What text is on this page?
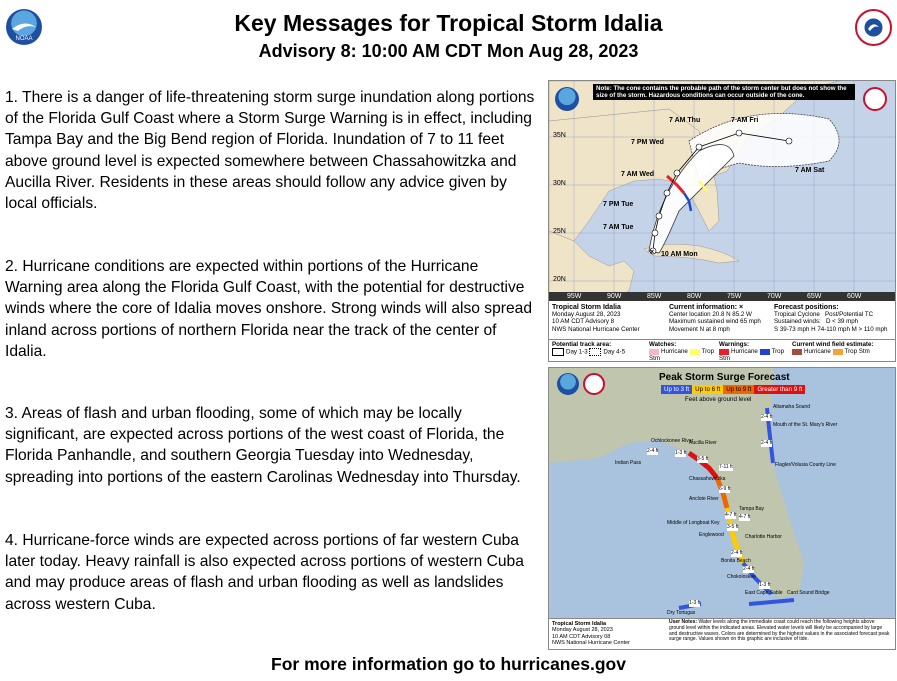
NOAA
Key Messages for Tropical Storm Idalia
Advisory 8: 10:00 AM CDT Mon Aug 28, 2023
1. There is a danger of life-threatening storm surge inundation along portions of the Florida Gulf Coast where a Storm Surge Warning is in effect, including Tampa Bay and the Big Bend region of Florida. Inundation of 7 to 11 feet above ground level is expected somewhere between Chassahowitzka and Aucilla River. Residents in these areas should follow any advice given by local officials.
2. Hurricane conditions are expected within portions of the Hurricane Warning area along the Florida Gulf Coast, with the potential for destructive winds where the core of Idalia moves onshore. Strong winds will also spread inland across portions of northern Florida near the track of the center of Idalia.
3. Areas of flash and urban flooding, some of which may be locally significant, are expected across portions of the west coast of Florida, the Florida Panhandle, and southern Georgia Tuesday into Wednesday, spreading into portions of the eastern Carolinas Wednesday into Thursday.
4. Hurricane-force winds are expected across portions of far western Cuba later today. Heavy rainfall is also expected across portions of western Cuba and may produce areas of flash and urban flooding as well as landslides across western Cuba.
×
35N
30N
25N
20N
95W	90W	85W	80W	75W	70W	65W	60W
Note: The cone contains the probable path of the storm center but does not show the size of the storm. Hazardous conditions can occur outside of the cone.
7 AM Thu	7 AM Fri
7 PM Wed
7 AM Wed
7 PM Tue
7 AM Tue
10 AM Mon
7 AM Sat
Tropical Storm Idalia
Monday August 28, 2023
10 AM CDT Advisory 8
NWS National Hurricane Center
Current information: ×
Center location 20.8 N 85.2 W
Maximum sustained wind 65 mph
Movement N at 8 mph
Forecast positions:
Tropical Cyclone Post/Potential TC
Sustained winds: D < 39 mph
S 39-73 mph H 74-110 mph M > 110 mph
Potential track area:
Day 1-3	Day 4-5
Watches:
Hurricane Trop Stm
Warnings:
Hurricane Trop Stm
Current wind field estimate:
Hurricane Trop Stm
Peak Storm Surge Forecast
Up to 3 ft Up to 6 ft Up to 9 ft Greater than 9 ft
Feet above ground level
Altamaha Sound
Mouth of the St. Mary's River
Flagler/Volusia County Line
Ochlockonee River
Aucilla River
Indian Pass
Chassahowitzka
Anclote River
Tampa Bay
Middle of Longboat Key
Englewood	Charlotte Harbor
Bonita Beach
Chokoloskee
East Cape Sable Card Sound Bridge
Dry Tortugas
2-4 ft
2-4 ft
2-4 ft	1-3 ft
3-5 ft
7-11 ft
6-9 ft
4-7 ft 4-7 ft
3-5 ft
2-4 ft
2-4 ft
1-3 ft
1-3 ft
Tropical Storm Idalia
Monday August 28, 2023
10 AM CDT Advisory 08
NWS National Hurricane Center
User Notes: Water levels along the immediate coast could reach the following heights above ground level within the indicated areas. Elevated water levels will likely be accompanied by large and destructive waves. Colors are determined by the highest values in the associated forecast peak surge range. Values shown on this graphic are inclusive of tide.
For more information go to hurricanes.gov
